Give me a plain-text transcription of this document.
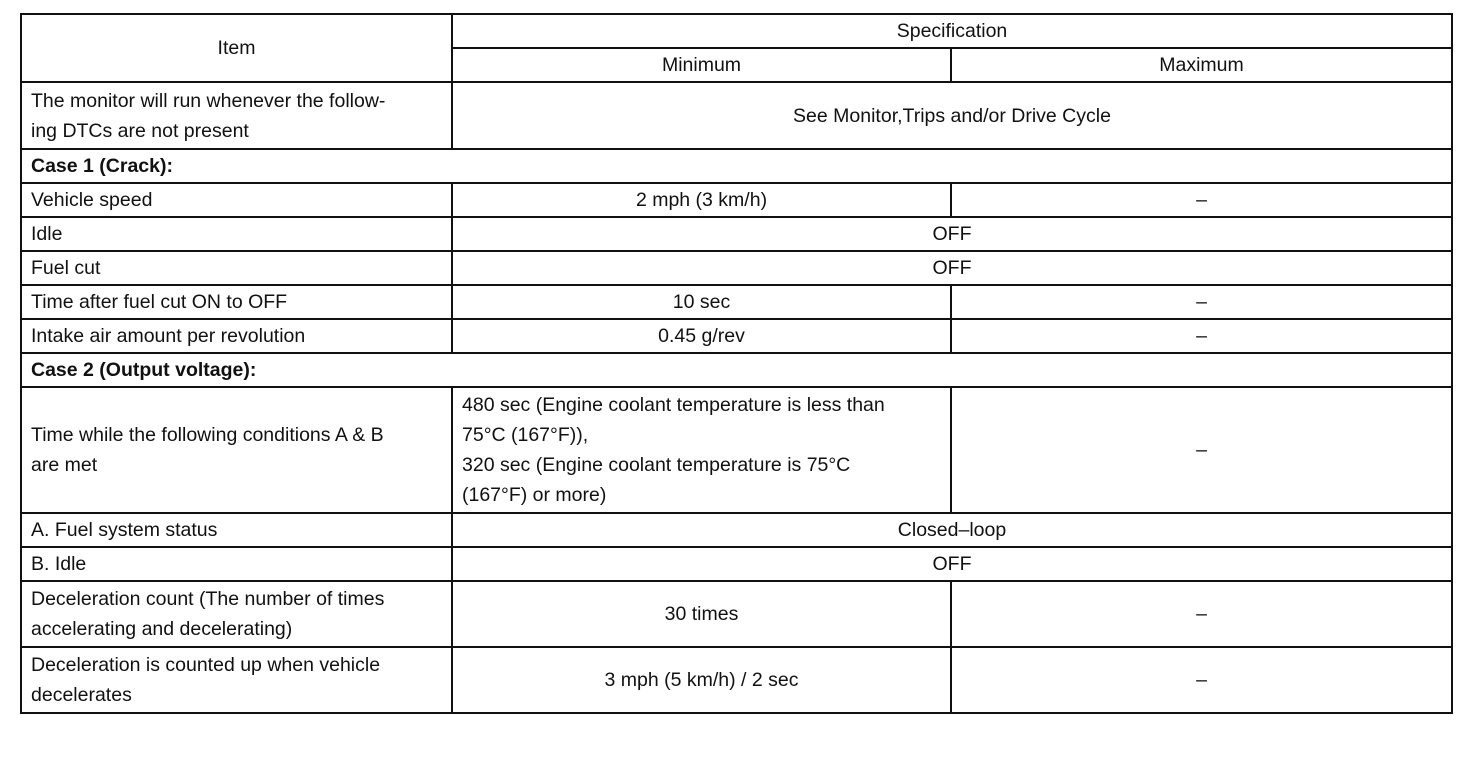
Item	Specification	
	Minimum	Maximum
The monitor will run whenever the follow-
ing DTCs are not present	See Monitor,Trips and/or Drive Cycle	
Case 1 (Crack):		
Vehicle speed	2 mph (3 km/h)	–
Idle	OFF	
Fuel cut	OFF	
Time after fuel cut ON to OFF	10 sec	–
Intake air amount per revolution	0.45 g/rev	–
Case 2 (Output voltage):		
Time while the following conditions A & B
are met	480 sec (Engine coolant temperature is less than
75°C (167°F)),
320 sec (Engine coolant temperature is 75°C
(167°F) or more)	–
A. Fuel system status	Closed–loop	
B. Idle	OFF	
Deceleration count (The number of times
accelerating and decelerating)	30 times	–
Deceleration is counted up when vehicle
decelerates	3 mph (5 km/h) / 2 sec	–
